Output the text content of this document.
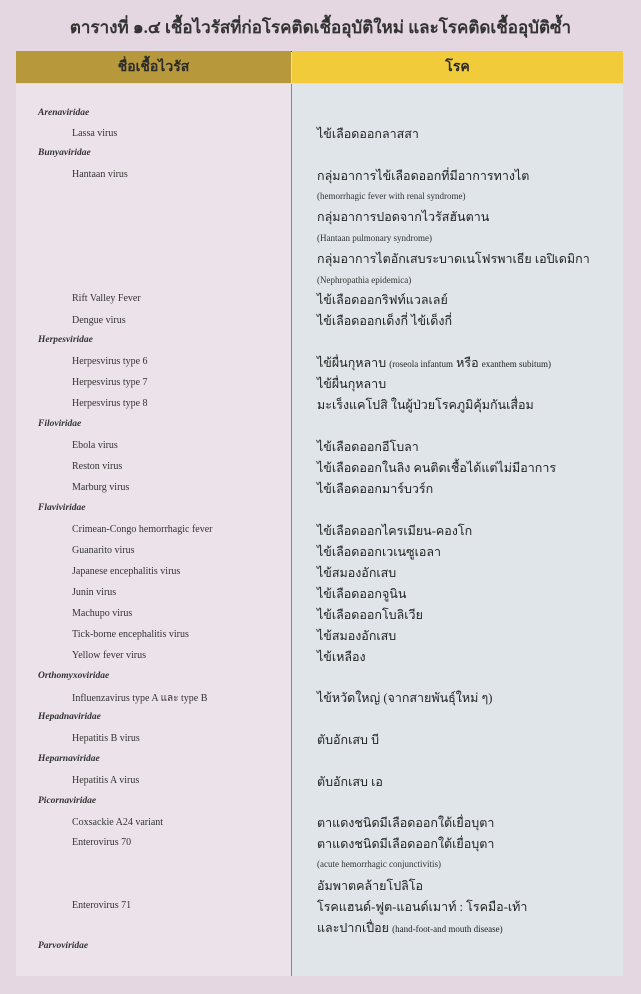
ตารางที่ ๑.๔ เชื้อไวรัสที่ก่อโรคติดเชื้ออุบัติใหม่ และโรคติดเชื้ออุบัติซ้ำ
ชื่อเชื้อไวรัส	โรค
Arenaviridae
Lassa virus
Bunyaviridae
Hantaan virus
Rift Valley Fever
Dengue virus
Herpesviridae
Herpesvirus type 6
Herpesvirus type 7
Herpesvirus type 8
Filoviridae
Ebola virus
Reston virus
Marburg virus
Flaviviridae
Crimean-Congo hemorrhagic fever
Guanarito virus
Japanese encephalitis virus
Junin virus
Machupo virus
Tick-borne encephalitis virus
Yellow fever virus
Orthomyxoviridae
Influenzavirus type A และ type B
Hepadnaviridae
Hepatitis B virus
Heparnaviridae
Hepatitis A virus
Picornaviridae
Coxsackie A24 variant
Enterovirus 70
Enterovirus 71
Parvoviridae
ไข้เลือดออกลาสสา
กลุ่มอาการไข้เลือดออกที่มีอาการทางไต
(hemorrhagic fever with renal syndrome)
กลุ่มอาการปอดจากไวรัสฮันตาน
(Hantaan pulmonary syndrome)
กลุ่มอาการไตอักเสบระบาดเนโฟรพาเธีย เอปิเดมิกา
(Nephropathia epidemica)
ไข้เลือดออกริฟท์แวลเลย์
ไข้เลือดออกเด็งกี่ ไข้เด็งกี่
ไข้ผื่นกุหลาบ (roseola infantum หรือ exanthem subitum)
ไข้ผื่นกุหลาบ
มะเร็งแคโปสิ ในผู้ป่วยโรคภูมิคุ้มกันเสื่อม
ไข้เลือดออกอีโบลา
ไข้เลือดออกในลิง คนติดเชื้อได้แต่ไม่มีอาการ
ไข้เลือดออกมาร์บวร์ก
ไข้เลือดออกไครเมียน-คองโก
ไข้เลือดออกเวเนซูเอลา
ไข้สมองอักเสบ
ไข้เลือดออกจูนิน
ไข้เลือดออกโบลิเวีย
ไข้สมองอักเสบ
ไข้เหลือง
ไข้หวัดใหญ่ (จากสายพันธุ์ใหม่ ๆ)
ตับอักเสบ บี
ตับอักเสบ เอ
ตาแดงชนิดมีเลือดออกใต้เยื่อบุตา
ตาแดงชนิดมีเลือดออกใต้เยื่อบุตา
(acute hemorrhagic conjunctivitis)
อัมพาตคล้ายโปลิโอ
โรคแฮนด์-ฟูต-แอนด์เมาท์ : โรคมือ-เท้า
และปากเปื่อย (hand-foot-and mouth disease)
